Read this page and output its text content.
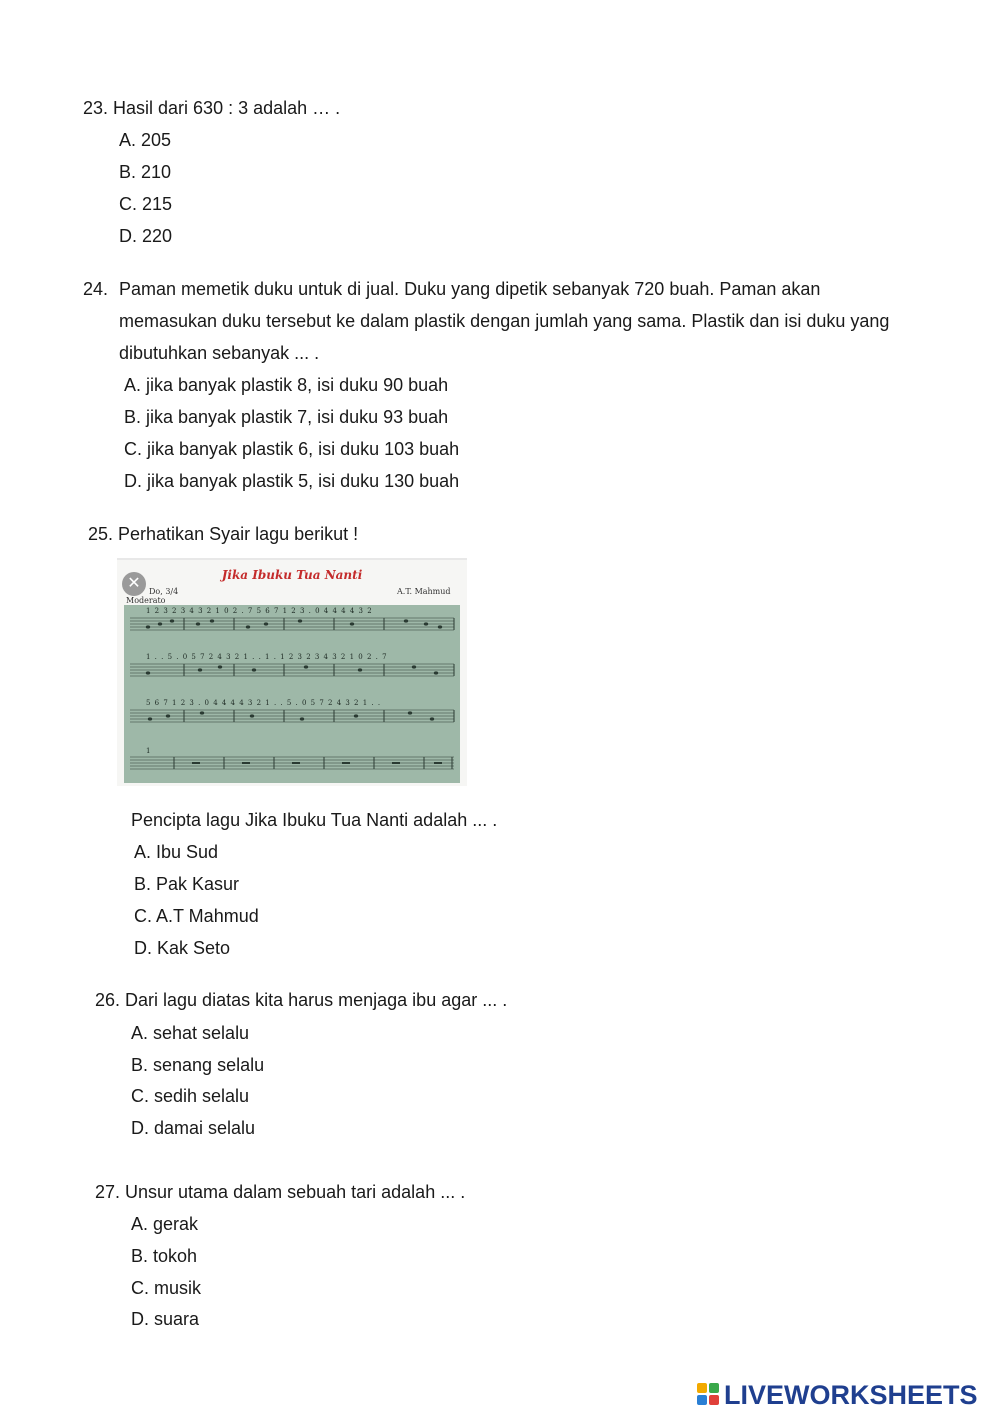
23. Hasil dari 630 : 3 adalah … .
A. 205
B. 210
C. 215
D. 220
24. Paman memetik duku untuk di jual. Duku yang dipetik sebanyak 720 buah. Paman akan
memasukan duku tersebut ke dalam plastik dengan jumlah yang sama. Plastik dan isi duku yang
dibutuhkan sebanyak ... .
A. jika banyak plastik 8, isi duku 90 buah
B. jika banyak plastik 7, isi duku 93 buah
C. jika banyak plastik 6, isi duku 103 buah
D. jika banyak plastik 5, isi duku 130 buah
25. Perhatikan Syair lagu berikut !
Jika Ibuku Tua Nanti
✕	Do, 3/4
Moderato
A.T. Mahmud
1 2 3 2 3 4 3 2 1 0 2 . 7 5 6 7 1 2 3 . 0 4 4 4 4 3 2
1 . . 5 . 0 5 7 2 4 3 2 1 . . 1 . 1 2 3 2 3 4 3 2 1 0 2 . 7
5 6 7 1 2 3 . 0 4 4 4 4 3 2 1 . . 5 . 0 5 7 2 4 3 2 1 . .
1
Pencipta lagu Jika Ibuku Tua Nanti adalah ... .
A. Ibu Sud
B. Pak Kasur
C. A.T Mahmud
D. Kak Seto
26. Dari lagu diatas kita harus menjaga ibu agar ... .
A. sehat selalu
B. senang selalu
C. sedih selalu
D. damai selalu
27. Unsur utama dalam sebuah tari adalah ... .
A. gerak
B. tokoh
C. musik
D. suara
LIVEWORKSHEETS
